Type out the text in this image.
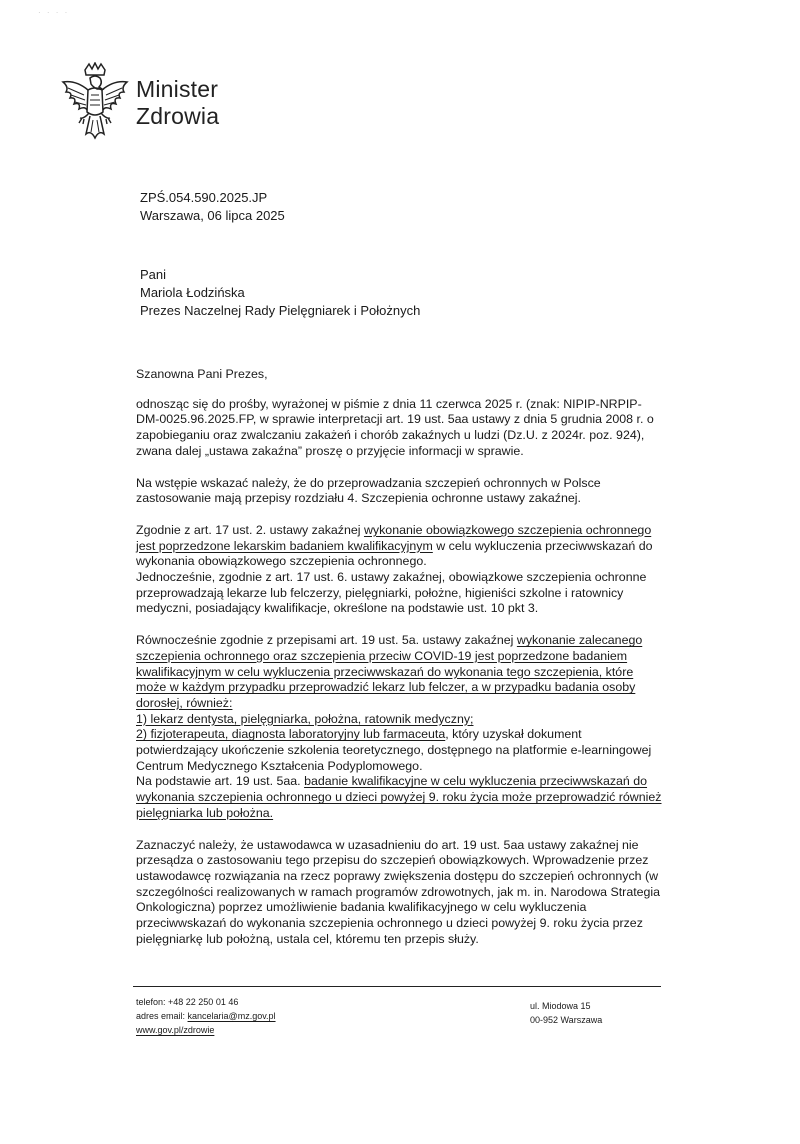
· · · ·
Minister
Zdrowia
ZPŚ.054.590.2025.JP
Warszawa, 06 lipca 2025
Pani
Mariola Łodzińska
Prezes Naczelnej Rady Pielęgniarek i Położnych

Szanowna Pani Prezes,

odnosząc się do prośby, wyrażonej w piśmie z dnia 11 czerwca 2025 r. (znak: NIPIP-NRPIP-DM-0025.96.2025.FP, w sprawie interpretacji art. 19 ust. 5aa ustawy z dnia 5 grudnia 2008 r. o zapobieganiu oraz zwalczaniu zakażeń i chorób zakaźnych u ludzi (Dz.U. z 2024r. poz. 924), zwana dalej „ustawa zakaźna” proszę o przyjęcie informacji w sprawie.

Na wstępie wskazać należy, że do przeprowadzania szczepień ochronnych w Polsce zastosowanie mają przepisy rozdziału 4. Szczepienia ochronne ustawy zakaźnej.

Zgodnie z art. 17 ust. 2. ustawy zakaźnej wykonanie obowiązkowego szczepienia ochronnego jest poprzedzone lekarskim badaniem kwalifikacyjnym w celu wykluczenia przeciwwskazań do wykonania obowiązkowego szczepienia ochronnego.
Jednocześnie, zgodnie z art. 17 ust. 6. ustawy zakaźnej, obowiązkowe szczepienia ochronne przeprowadzają lekarze lub felczerzy, pielęgniarki, położne, higieniści szkolne i ratownicy medyczni, posiadający kwalifikacje, określone na podstawie ust. 10 pkt 3.

Równocześnie zgodnie z przepisami art. 19 ust. 5a. ustawy zakaźnej wykonanie zalecanego szczepienia ochronnego oraz szczepienia przeciw COVID-19 jest poprzedzone badaniem kwalifikacyjnym w celu wykluczenia przeciwwskazań do wykonania tego szczepienia, które może w każdym przypadku przeprowadzić lekarz lub felczer, a w przypadku badania osoby dorosłej, również:
1) lekarz dentysta, pielęgniarka, położna, ratownik medyczny;
2) fizjoterapeuta, diagnosta laboratoryjny lub farmaceuta, który uzyskał dokument potwierdzający ukończenie szkolenia teoretycznego, dostępnego na platformie e-learningowej Centrum Medycznego Kształcenia Podyplomowego.
Na podstawie art. 19 ust. 5aa. badanie kwalifikacyjne w celu wykluczenia przeciwwskazań do wykonania szczepienia ochronnego u dzieci powyżej 9. roku życia może przeprowadzić również pielęgniarka lub położna.

Zaznaczyć należy, że ustawodawca w uzasadnieniu do art. 19 ust. 5aa ustawy zakaźnej nie przesądza o zastosowaniu tego przepisu do szczepień obowiązkowych. Wprowadzenie przez ustawodawcę rozwiązania na rzecz poprawy zwiększenia dostępu do szczepień ochronnych (w szczególności realizowanych w ramach programów zdrowotnych, jak m. in. Narodowa Strategia Onkologiczna) poprzez umożliwienie badania kwalifikacyjnego w celu wykluczenia przeciwwskazań do wykonania szczepienia ochronnego u dzieci powyżej 9. roku życia przez pielęgniarkę lub położną, ustala cel, któremu ten przepis służy.

telefon: +48 22 250 01 46
adres email: kancelaria@mz.gov.pl
www.gov.pl/zdrowie
ul. Miodowa 15
00-952 Warszawa
